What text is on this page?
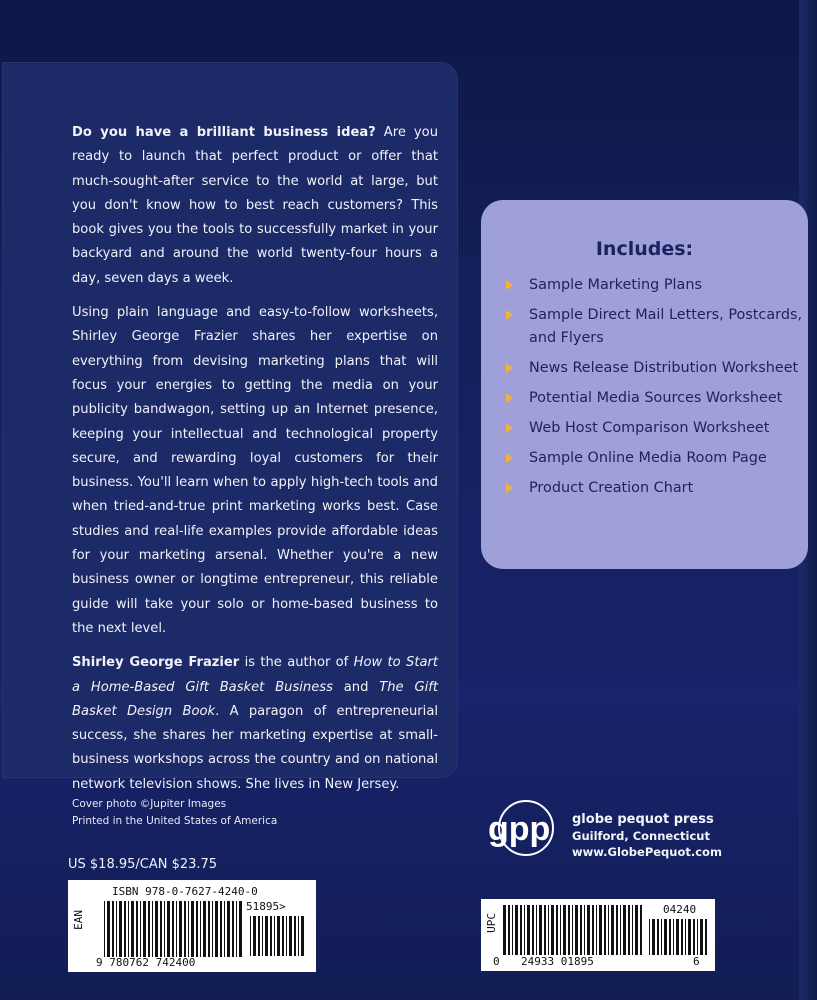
Do you have a brilliant business idea? Are you ready to launch that perfect product or offer that much-sought-after service to the world at large, but you don't know how to best reach customers? This book gives you the tools to successfully market in your backyard and around the world twenty-four hours a day, seven days a week.

Using plain language and easy-to-follow worksheets, Shirley George Frazier shares her expertise on everything from devising marketing plans that will focus your energies to getting the media on your publicity bandwagon, setting up an Internet presence, keeping your intellectual and technological property secure, and rewarding loyal customers for their business. You'll learn when to apply high-tech tools and when tried-and-true print marketing works best. Case studies and real-life examples provide affordable ideas for your marketing arsenal. Whether you're a new business owner or longtime entrepreneur, this reliable guide will take your solo or home-based business to the next level.

Shirley George Frazier is the author of How to Start a Home-Based Gift Basket Business and The Gift Basket Design Book. A paragon of entrepreneurial success, she shares her marketing expertise at small-business workshops across the country and on national network television shows. She lives in New Jersey.

Includes:
Sample Marketing Plans
Sample Direct Mail Letters, Postcards, and Flyers
News Release Distribution Worksheet
Potential Media Sources Worksheet
Web Host Comparison Worksheet
Sample Online Media Room Page
Product Creation Chart
Cover photo ©Jupiter Images
Printed in the United States of America
US $18.95/CAN $23.75
gpp globe pequot press
Guilford, Connecticut
www.GlobePequot.com
EAN
ISBN 978-0-7627-4240-0
51895>
9 780762 742400
UPC
04240
0 24933 01895	6
